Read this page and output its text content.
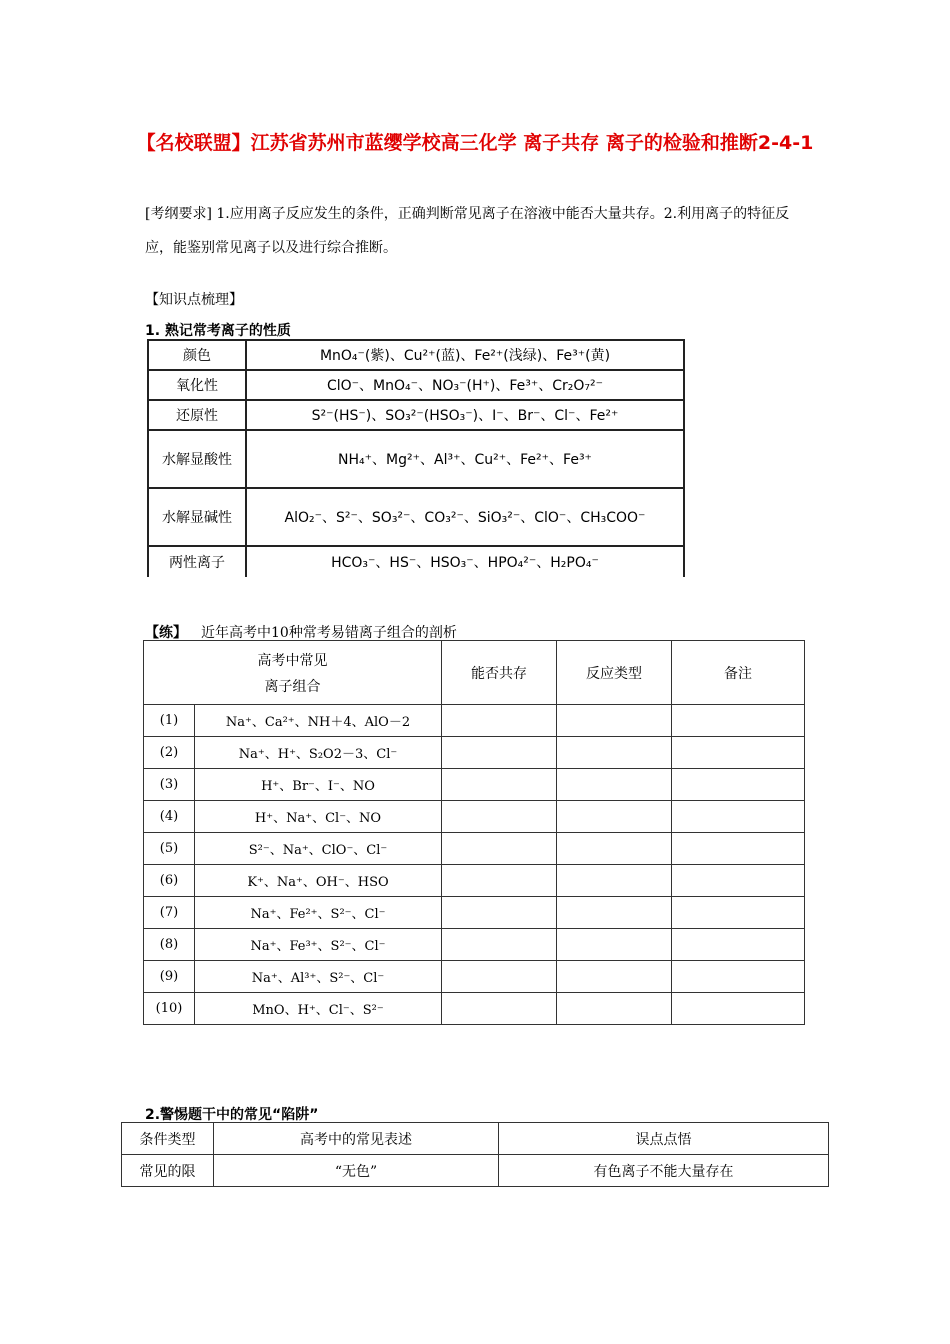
【名校联盟】江苏省苏州市蓝缨学校高三化学 离子共存 离子的检验和推断2-4-1
[考纲要求] 1.应用离子反应发生的条件，正确判断常见离子在溶液中能否大量共存。2.利用离子的特征反应，能鉴别常见离子以及进行综合推断。
【知识点梳理】
1. 熟记常考离子的性质
颜色	MnO₄⁻(紫)、Cu²⁺(蓝)、Fe²⁺(浅绿)、Fe³⁺(黄)
氧化性	ClO⁻、MnO₄⁻、NO₃⁻(H⁺)、Fe³⁺、Cr₂O₇²⁻
还原性	S²⁻(HS⁻)、SO₃²⁻(HSO₃⁻)、I⁻、Br⁻、Cl⁻、Fe²⁺
水解显酸性	NH₄⁺、Mg²⁺、Al³⁺、Cu²⁺、Fe²⁺、Fe³⁺
水解显碱性	AlO₂⁻、S²⁻、SO₃²⁻、CO₃²⁻、SiO₃²⁻、ClO⁻、CH₃COO⁻
两性离子	HCO₃⁻、HS⁻、HSO₃⁻、HPO₄²⁻、H₂PO₄⁻
【练】 近年高考中10种常考易错离子组合的剖析
高考中常见
离子组合		能否共存	反应类型	备注
(1)	Na⁺、Ca²⁺、NH＋4、AlO－2			
(2)	Na⁺、H⁺、S₂O2－3、Cl⁻			
(3)	H⁺、Br⁻、I⁻、NO			
(4)	H⁺、Na⁺、Cl⁻、NO			
(5)	S²⁻、Na⁺、ClO⁻、Cl⁻			
(6)	K⁺、Na⁺、OH⁻、HSO			
(7)	Na⁺、Fe²⁺、S²⁻、Cl⁻			
(8)	Na⁺、Fe³⁺、S²⁻、Cl⁻			
(9)	Na⁺、Al³⁺、S²⁻、Cl⁻			
(10)	MnO、H⁺、Cl⁻、S²⁻			
2.警惕题干中的常见“陷阱”
条件类型	高考中的常见表述	误点点悟
常见的限	“无色”	有色离子不能大量存在
